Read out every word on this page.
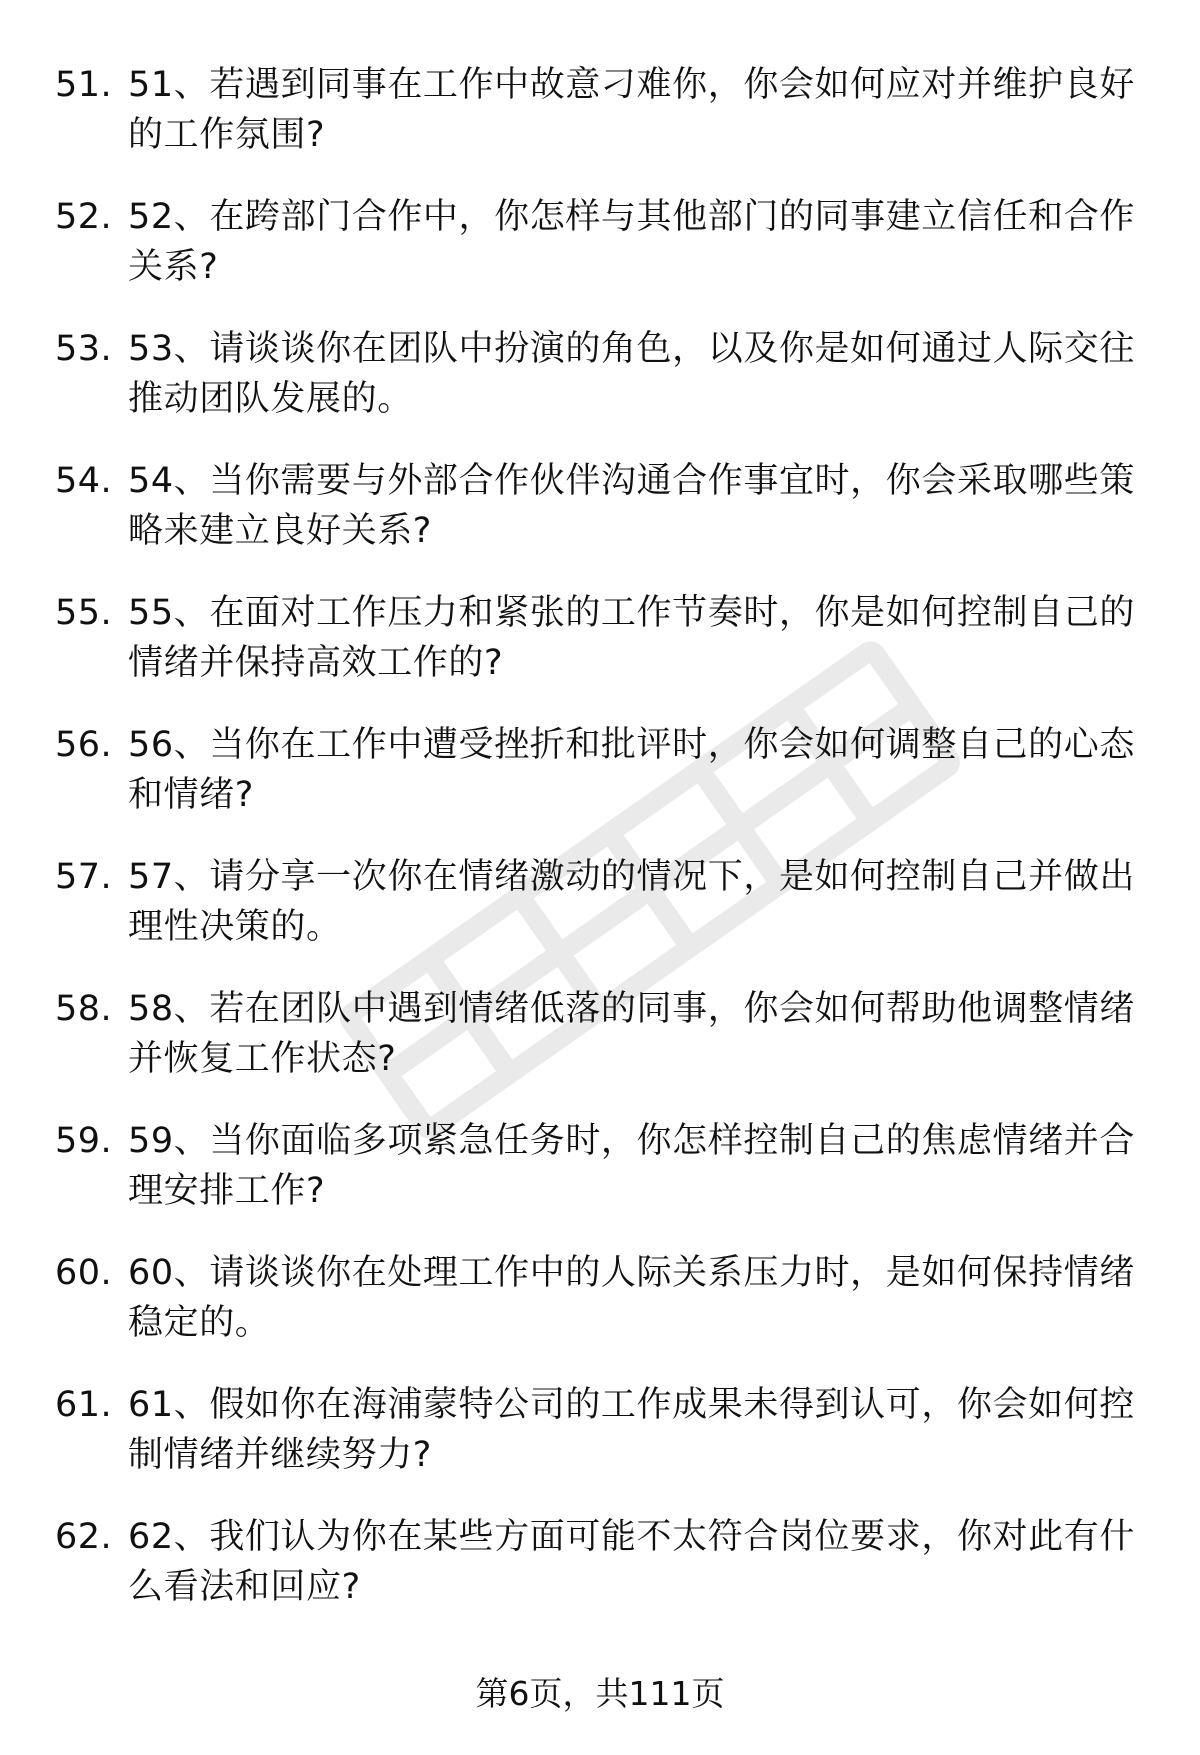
51. 51、若遇到同事在工作中故意刁难你，你会如何应对并维护良好的工作氛围?
52. 52、在跨部门合作中，你怎样与其他部门的同事建立信任和合作关系?
53. 53、请谈谈你在团队中扮演的角色，以及你是如何通过人际交往推动团队发展的。
54. 54、当你需要与外部合作伙伴沟通合作事宜时，你会采取哪些策略来建立良好关系?
55. 55、在面对工作压力和紧张的工作节奏时，你是如何控制自己的情绪并保持高效工作的?
56. 56、当你在工作中遭受挫折和批评时，你会如何调整自己的心态和情绪?
57. 57、请分享一次你在情绪激动的情况下，是如何控制自己并做出理性决策的。
58. 58、若在团队中遇到情绪低落的同事，你会如何帮助他调整情绪并恢复工作状态?
59. 59、当你面临多项紧急任务时，你怎样控制自己的焦虑情绪并合理安排工作?
60. 60、请谈谈你在处理工作中的人际关系压力时，是如何保持情绪稳定的。
61. 61、假如你在海浦蒙特公司的工作成果未得到认可，你会如何控制情绪并继续努力?
62. 62、我们认为你在某些方面可能不太符合岗位要求，你对此有什么看法和回应?
第6页，共111页
